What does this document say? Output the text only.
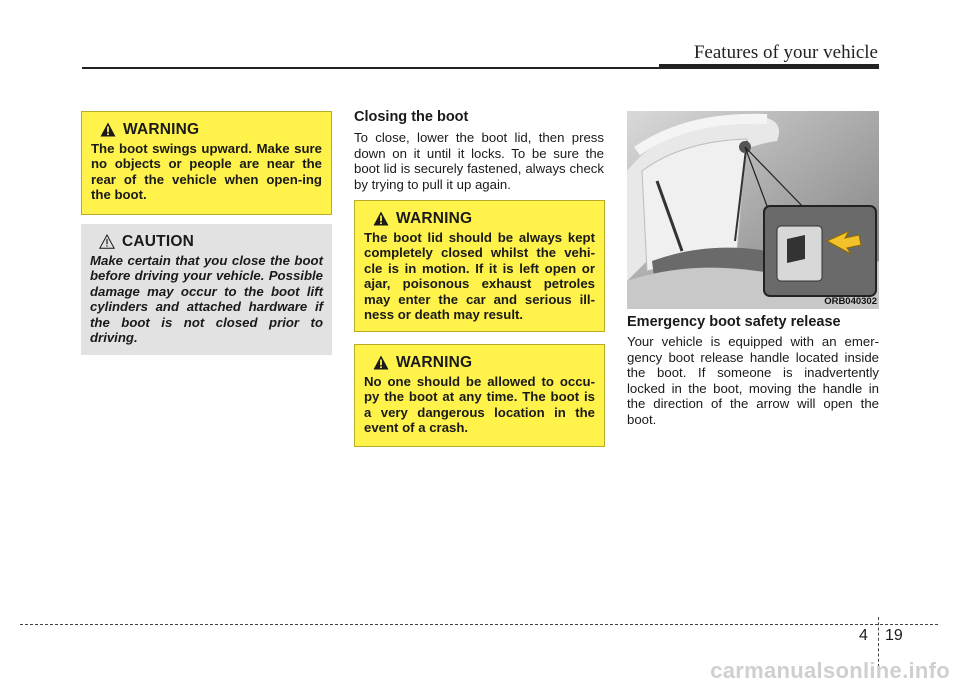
Features of your vehicle
WARNING
The boot swings upward. Make sure no objects or people are near the rear of the vehicle when open-ing the boot.
CAUTION
Make certain that you close the boot before driving your vehicle. Possible damage may occur to the boot lift cylinders and attached hardware if the boot is not closed prior to driving.
Closing the boot
To close, lower the boot lid, then press down on it until it locks. To be sure the boot lid is securely fastened, always check by trying to pull it up again.
WARNING
The boot lid should be always kept completely closed whilst the vehi-cle is in motion. If it is left open or ajar, poisonous exhaust petroles may enter the car and serious ill-ness or death may result.
WARNING
No one should be allowed to occu-py the boot at any time. The boot is a very dangerous location in the event of a crash.
ORB040302
Emergency boot safety release
Your vehicle is equipped with an emer-gency boot release handle located inside the boot. If someone is inadvertently locked in the boot, moving the handle in the direction of the arrow will open the boot.
4 19
carmanualsonline.info
